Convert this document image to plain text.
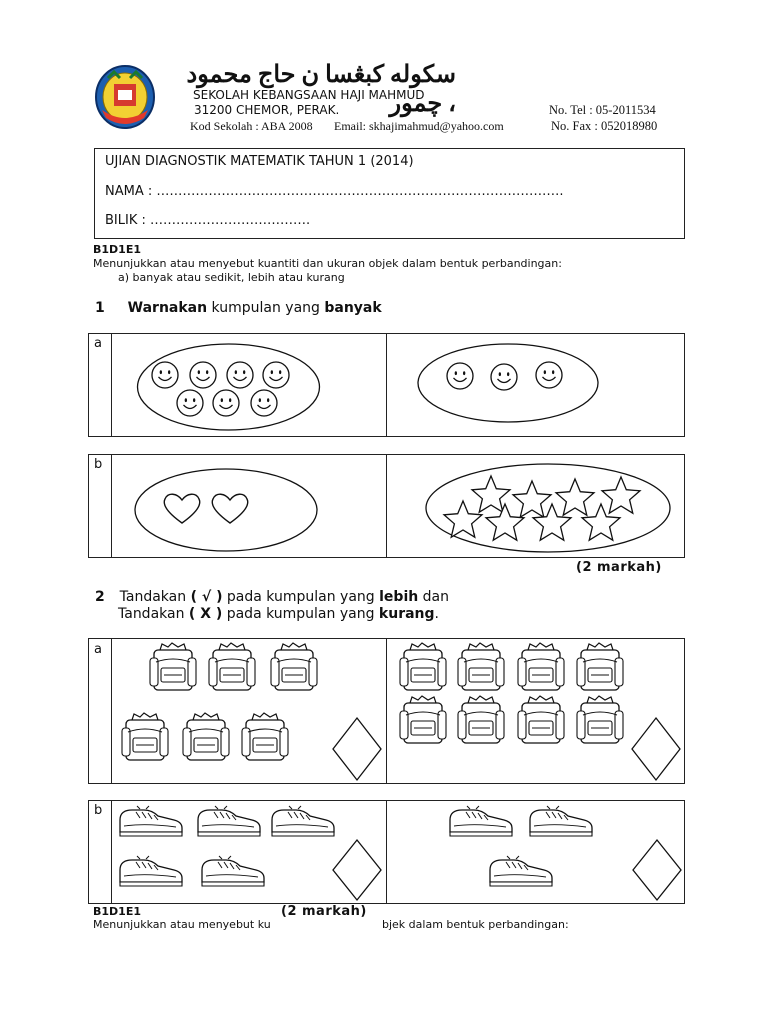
سکوله کبڠسا ن حاج محمود ، چمور
SEKOLAH KEBANGSAAN HAJI MAHMUD
31200 CHEMOR, PERAK.	No. Tel : 05-2011534
Kod Sekolah : ABA 2008 Email: skhajimahmud@yahoo.com	No. Fax : 052018980
UJIAN DIAGNOSTIK MATEMATIK TAHUN 1 (2014)
NAMA : ………………………………………………………………………………….
BILIK : ……………………………….
B1D1E1
Menunjukkan atau menyebut kuantiti dan ukuran objek dalam bentuk perbandingan:
a) banyak atau sedikit, lebih atau kurang
1 Warnakan kumpulan yang banyak
a
b
(2 markah)
2 Tandakan ( √ ) pada kumpulan yang lebih dan
Tandakan ( X ) pada kumpulan yang kurang.
a
b
B1D1E1	(2 markah)
Menunjukkan atau menyebut ku	bjek dalam bentuk perbandingan:
